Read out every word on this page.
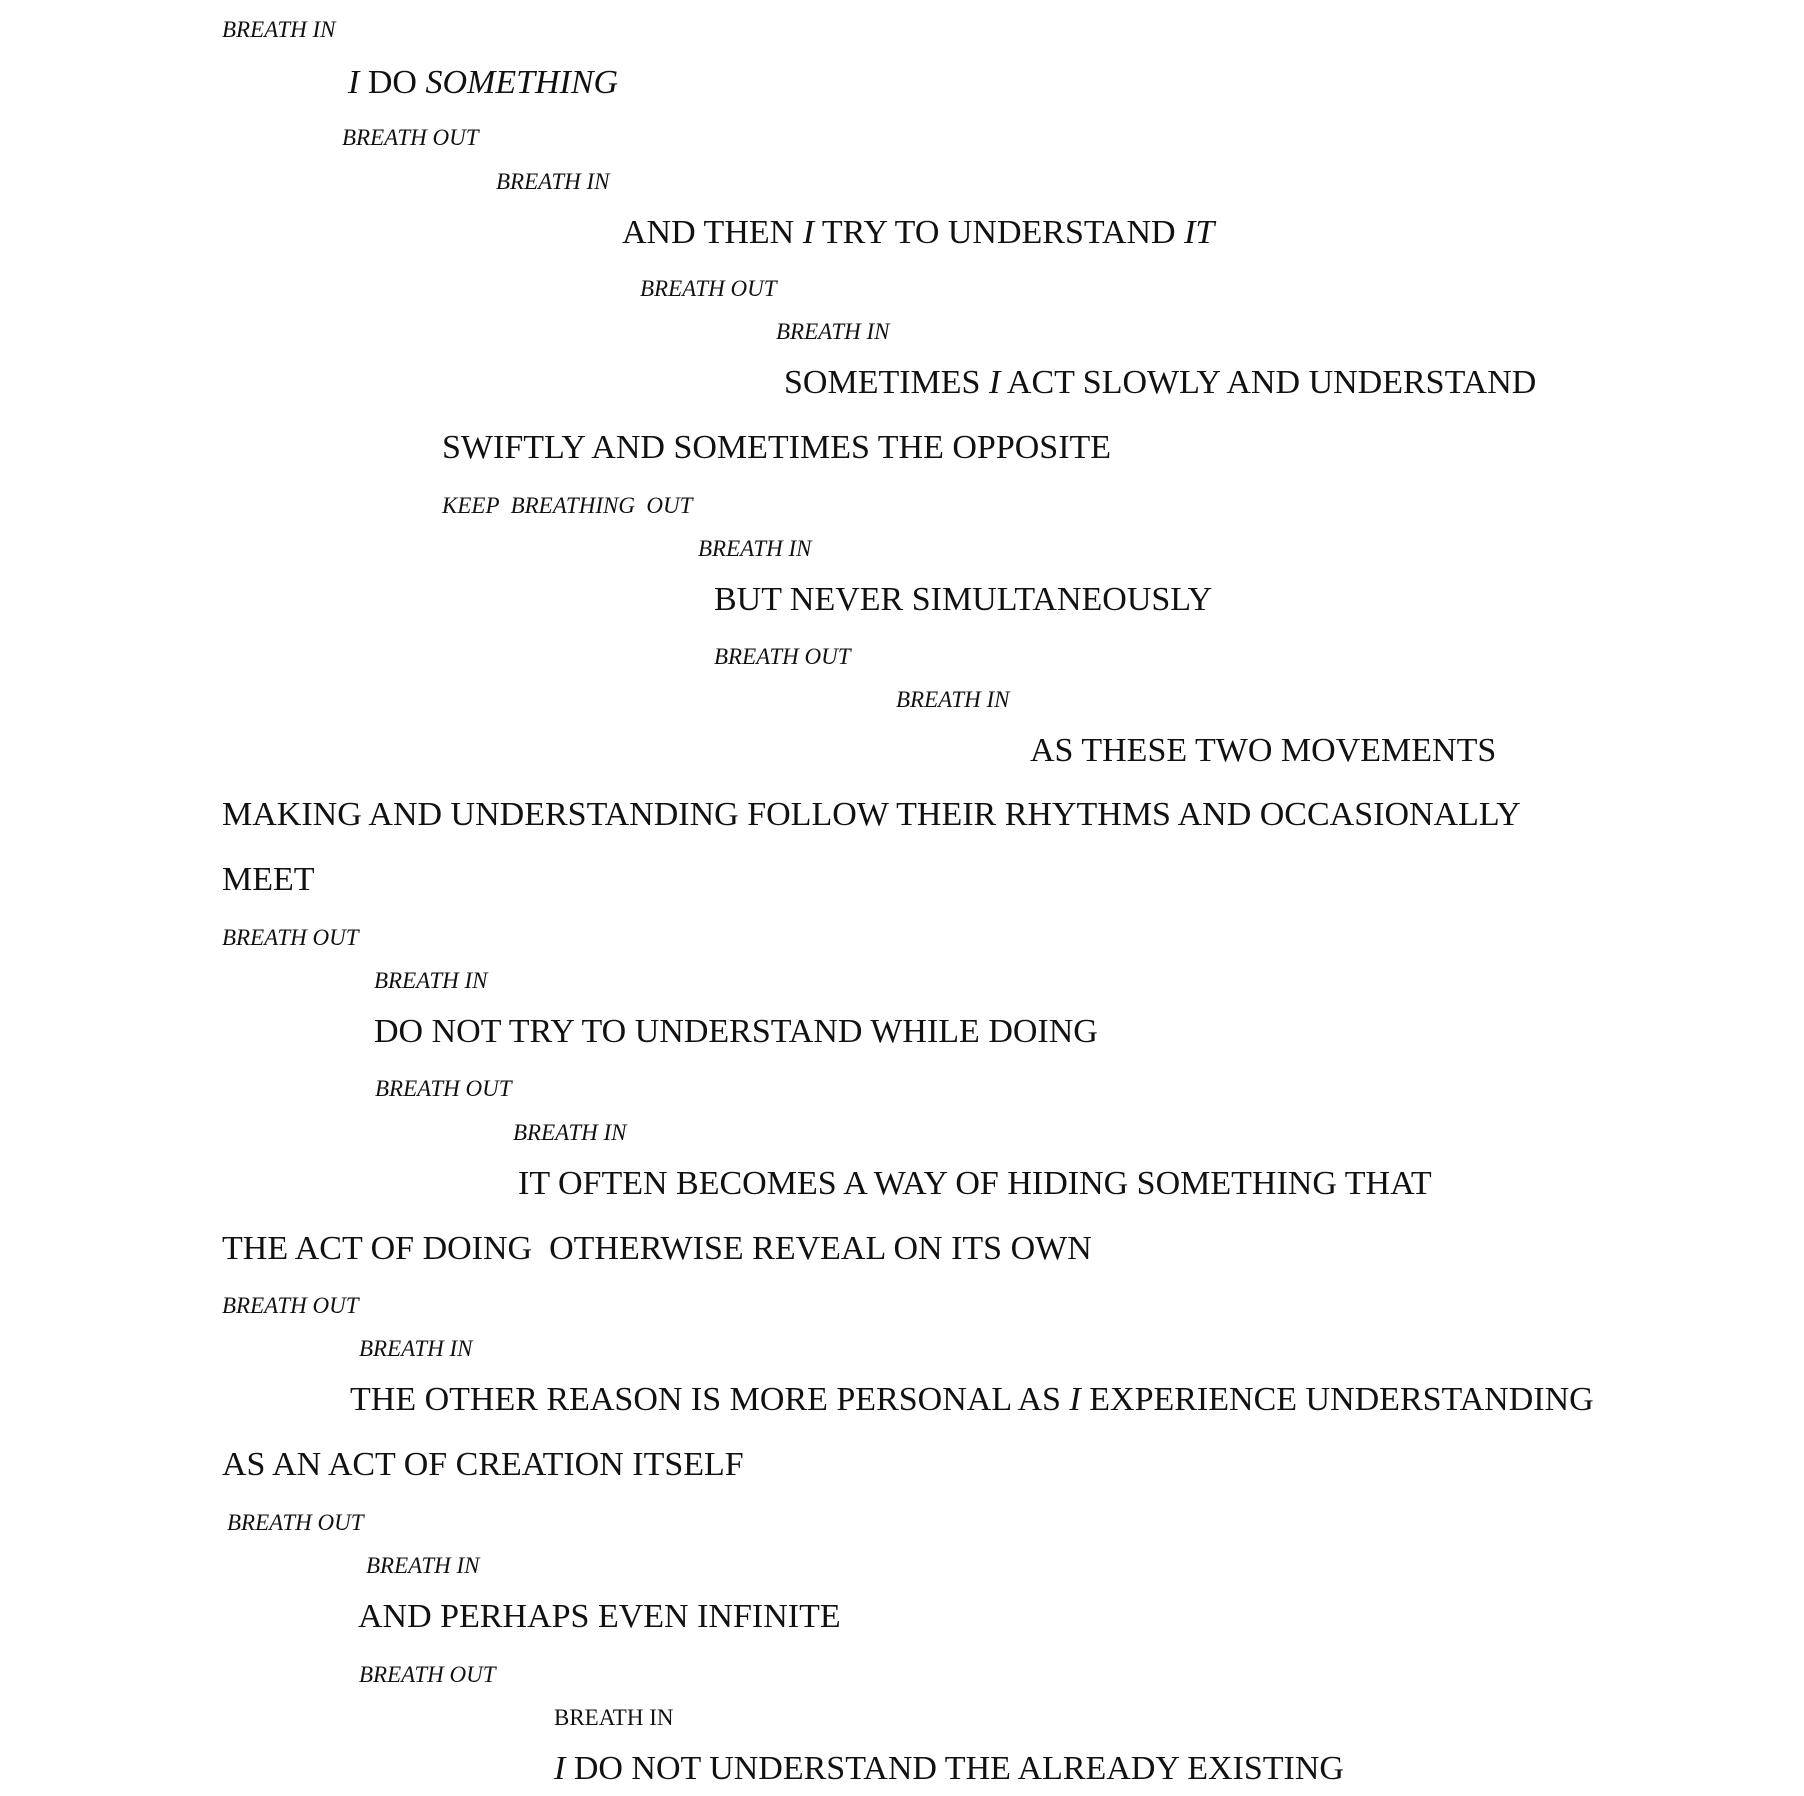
BREATH IN
I DO SOMETHING
BREATH OUT
BREATH IN
AND THEN I TRY TO UNDERSTAND IT
BREATH OUT
BREATH IN
SOMETIMES I ACT SLOWLY AND UNDERSTAND
SWIFTLY AND SOMETIMES THE OPPOSITE
KEEP  BREATHING  OUT
BREATH IN
BUT NEVER SIMULTANEOUSLY
BREATH OUT
BREATH IN
AS THESE TWO MOVEMENTS
MAKING AND UNDERSTANDING FOLLOW THEIR RHYTHMS AND OCCASIONALLY
MEET
BREATH OUT
BREATH IN
DO NOT TRY TO UNDERSTAND WHILE DOING
BREATH OUT
BREATH IN
IT OFTEN BECOMES A WAY OF HIDING SOMETHING THAT
THE ACT OF DOING  OTHERWISE REVEAL ON ITS OWN
BREATH OUT
BREATH IN
THE OTHER REASON IS MORE PERSONAL AS I EXPERIENCE UNDERSTANDING
AS AN ACT OF CREATION ITSELF
BREATH OUT
BREATH IN
AND PERHAPS EVEN INFINITE
BREATH OUT
BREATH IN
I DO NOT UNDERSTAND THE ALREADY EXISTING
